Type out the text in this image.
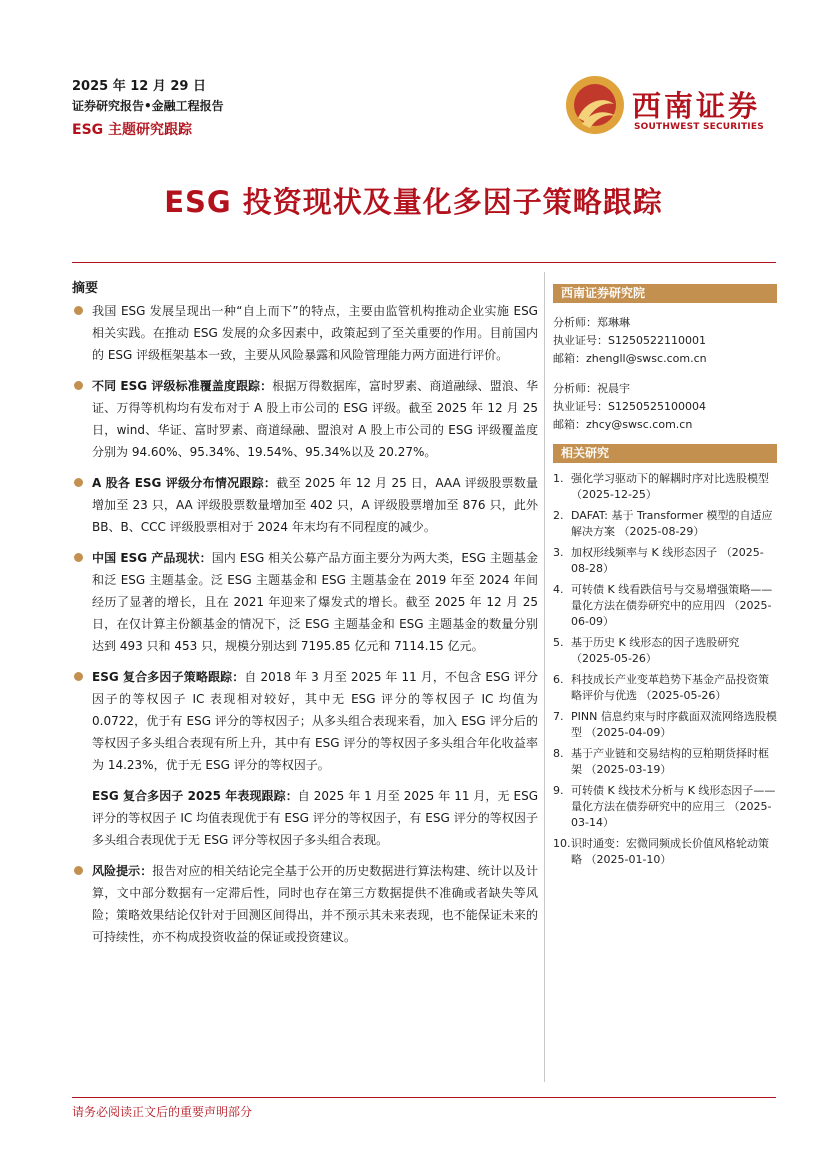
2025 年 12 月 29 日
证券研究报告•金融工程报告
ESG 主题研究跟踪
西南证券
SOUTHWEST SECURITIES
ESG 投资现状及量化多因子策略跟踪
摘要
我国 ESG 发展呈现出一种“自上而下”的特点，主要由监管机构推动企业实施 ESG 相关实践。在推动 ESG 发展的众多因素中，政策起到了至关重要的作用。目前国内的 ESG 评级框架基本一致，主要从风险暴露和风险管理能力两方面进行评价。
不同 ESG 评级标准覆盖度跟踪：根据万得数据库，富时罗素、商道融绿、盟浪、华证、万得等机构均有发布对于 A 股上市公司的 ESG 评级。截至 2025 年 12 月 25 日，wind、华证、富时罗素、商道绿融、盟浪对 A 股上市公司的 ESG 评级覆盖度分别为 94.60%、95.34%、19.54%、95.34%以及 20.27%。
A 股各 ESG 评级分布情况跟踪：截至 2025 年 12 月 25 日，AAA 评级股票数量增加至 23 只，AA 评级股票数量增加至 402 只，A 评级股票增加至 876 只，此外 BB、B、CCC 评级股票相对于 2024 年末均有不同程度的减少。
中国 ESG 产品现状：国内 ESG 相关公募产品方面主要分为两大类，ESG 主题基金和泛 ESG 主题基金。泛 ESG 主题基金和 ESG 主题基金在 2019 年至 2024 年间经历了显著的增长，且在 2021 年迎来了爆发式的增长。截至 2025 年 12 月 25 日，在仅计算主份额基金的情况下，泛 ESG 主题基金和 ESG 主题基金的数量分别达到 493 只和 453 只，规模分别达到 7195.85 亿元和 7114.15 亿元。
ESG 复合多因子策略跟踪：自 2018 年 3 月至 2025 年 11 月，不包含 ESG 评分因子的等权因子 IC 表现相对较好，其中无 ESG 评分的等权因子 IC 均值为 0.0722，优于有 ESG 评分的等权因子；从多头组合表现来看，加入 ESG 评分后的等权因子多头组合表现有所上升，其中有 ESG 评分的等权因子多头组合年化收益率为 14.23%，优于无 ESG 评分的等权因子。
ESG 复合多因子 2025 年表现跟踪：自 2025 年 1 月至 2025 年 11 月，无 ESG 评分的等权因子 IC 均值表现优于有 ESG 评分的等权因子，有 ESG 评分的等权因子多头组合表现优于无 ESG 评分等权因子多头组合表现。
风险提示：报告对应的相关结论完全基于公开的历史数据进行算法构建、统计以及计算，文中部分数据有一定滞后性，同时也存在第三方数据提供不准确或者缺失等风险；策略效果结论仅针对于回测区间得出，并不预示其未来表现，也不能保证未来的可持续性，亦不构成投资收益的保证或投资建议。
西南证券研究院
分析师：郑琳琳
执业证号：S1250522110001
邮箱：zhengll@swsc.com.cn
分析师：祝晨宇
执业证号：S1250525100004
邮箱：zhcy@swsc.com.cn
相关研究
1. 强化学习驱动下的解耦时序对比选股模型 （2025-12-25）
2. DAFAT: 基于 Transformer 模型的自适应解决方案 （2025-08-29）
3. 加权形线频率与 K 线形态因子 （2025-08-28）
4. 可转债 K 线看跌信号与交易增强策略——量化方法在债券研究中的应用四 （2025-06-09）
5. 基于历史 K 线形态的因子选股研究 （2025-05-26）
6. 科技成长产业变革趋势下基金产品投资策略评价与优选 （2025-05-26）
7. PINN 信息约束与时序截面双流网络选股模型 （2025-04-09）
8. 基于产业链和交易结构的豆粕期货择时框架 （2025-03-19）
9. 可转债 K 线技术分析与 K 线形态因子——量化方法在债券研究中的应用三 （2025-03-14）
10. 识时通变：宏微同频成长价值风格轮动策略 （2025-01-10）
请务必阅读正文后的重要声明部分
